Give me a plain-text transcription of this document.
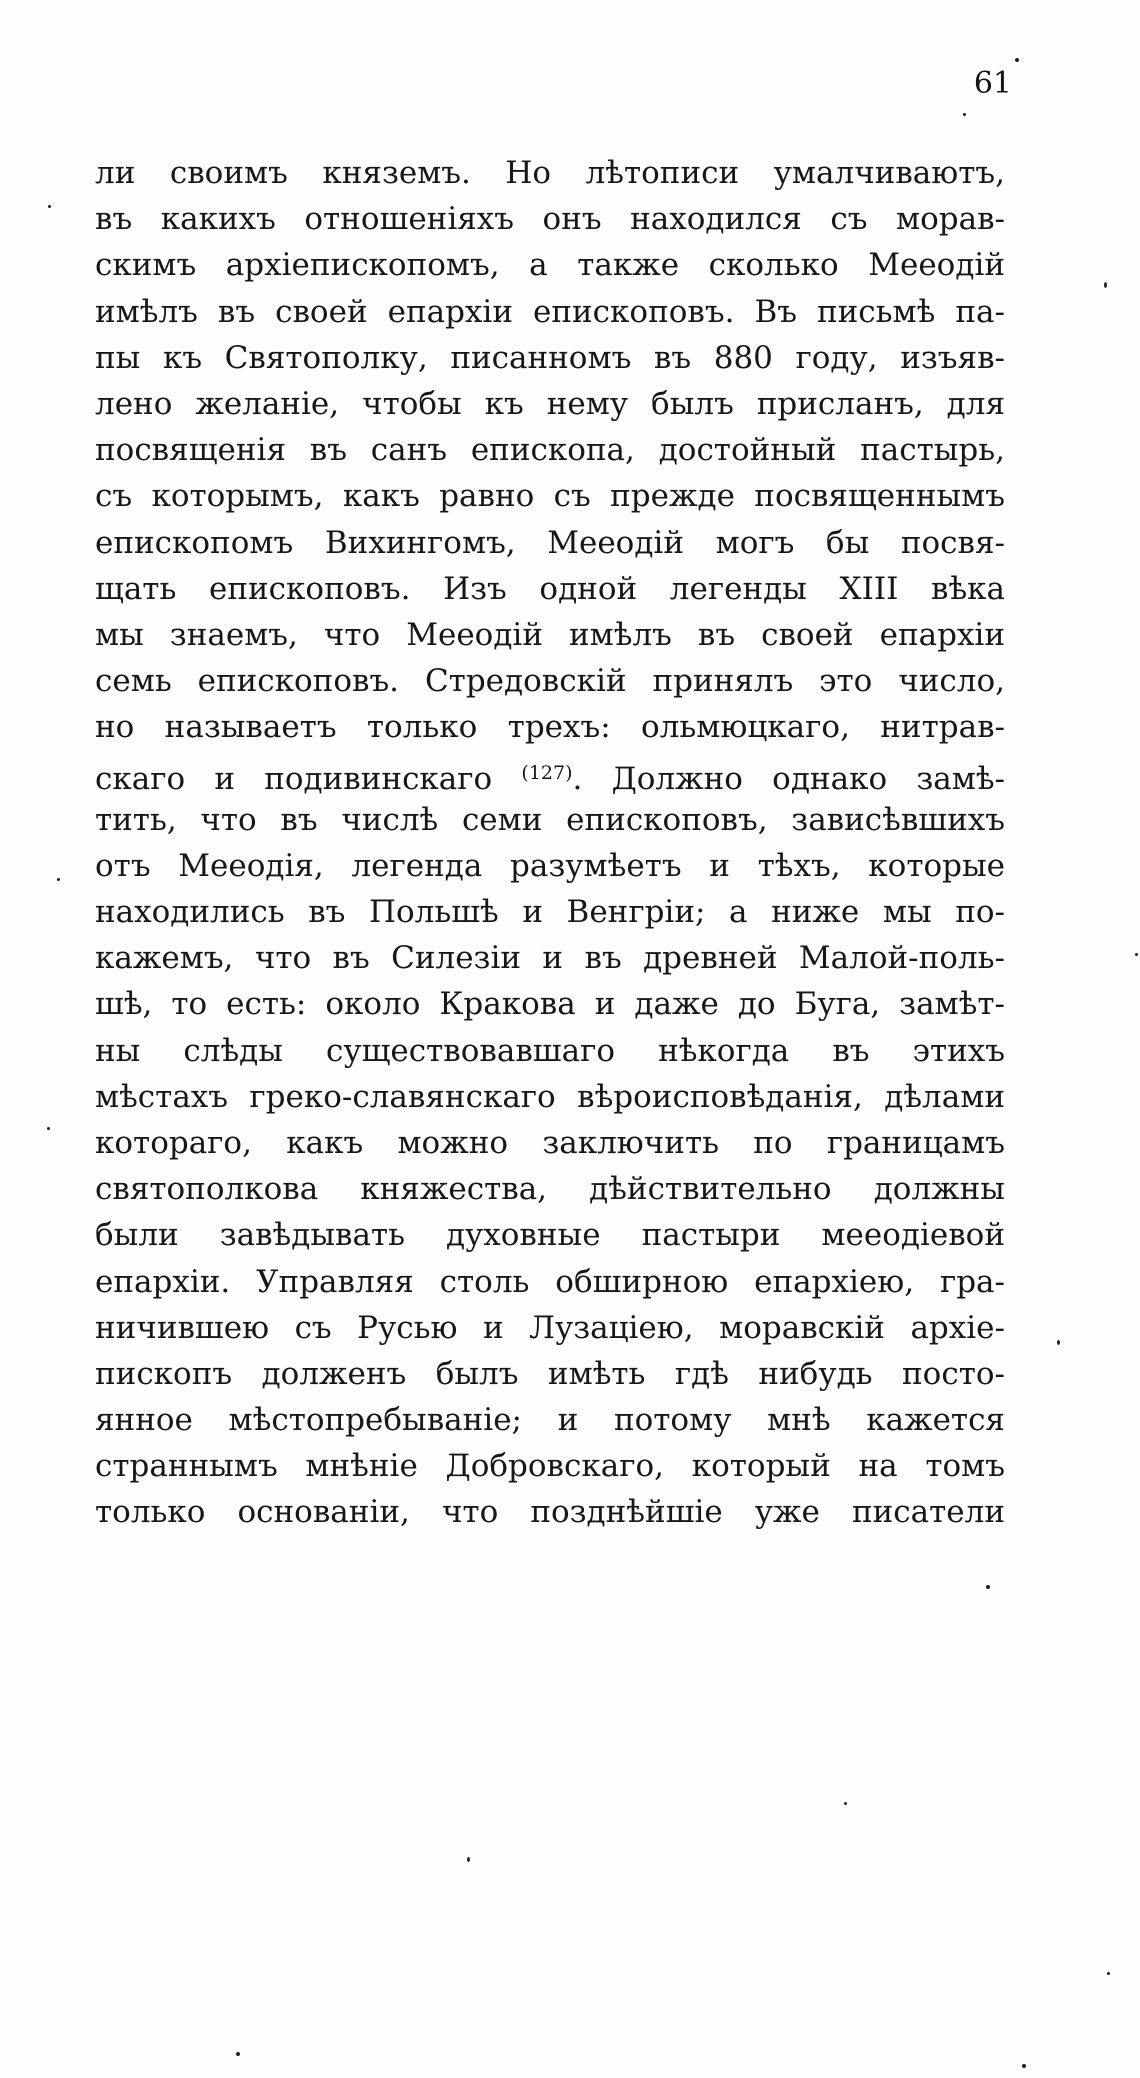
61
ли своимъ княземъ. Но лѣтописи умалчиваютъ,
въ какихъ отношеніяхъ онъ находился съ морав-
скимъ архіепископомъ, а также сколько Мееодій
имѣлъ въ своей епархіи епископовъ. Въ письмѣ па-
пы къ Святополку, писанномъ въ 880 году, изъяв-
лено желаніе, чтобы къ нему былъ присланъ, для
посвященія въ санъ епископа, достойный пастырь,
съ которымъ, какъ равно съ прежде посвященнымъ
епископомъ Вихингомъ, Мееодій могъ бы посвя-
щать епископовъ. Изъ одной легенды XIII вѣка
мы знаемъ, что Мееодій имѣлъ въ своей епархіи
семь епископовъ. Стредовскій принялъ это число,
но называетъ только трехъ: ольмюцкаго, нитрав-
скаго и подивинскаго $^{(127)}$. Должно однако замѣ-
тить, что въ числѣ семи епископовъ, зависѣвшихъ
отъ Мееодія, легенда разумѣетъ и тѣхъ, которые
находились въ Польшѣ и Венгріи; а ниже мы по-
кажемъ, что въ Силезіи и въ древней Малой-поль-
шѣ, то есть: около Кракова и даже до Буга, замѣт-
ны слѣды существовавшаго нѣкогда въ этихъ
мѣстахъ греко-славянскаго вѣроисповѣданія, дѣлами
котораго, какъ можно заключить по границамъ
святополкова княжества, дѣйствительно должны
были завѣдывать духовные пастыри мееодіевой
епархіи. Управляя столь обширною епархіею, гра-
ничившею съ Русью и Лузаціею, моравскій архіе-
пископъ долженъ былъ имѣть гдѣ нибудь посто-
янное мѣстопребываніе; и потому мнѣ кажется
страннымъ мнѣніе Добровскаго, который на томъ
только основаніи, что позднѣйшіе уже писатели
